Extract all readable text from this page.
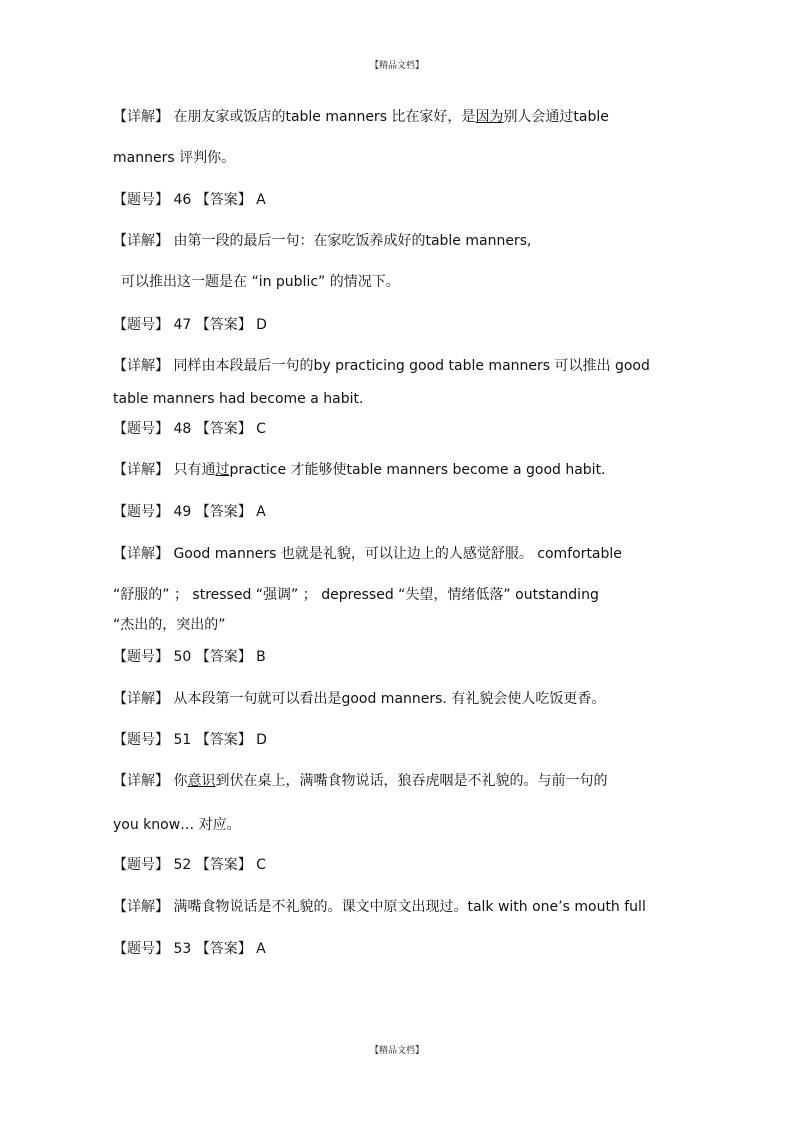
【精品文档】
【详解】 在朋友家或饭店的table manners 比在家好，是因为别人会通过table
manners 评判你。
【题号】 46 【答案】 A
【详解】 由第一段的最后一句：在家吃饭养成好的table manners,
可以推出这一题是在 “in public” 的情况下。
【题号】 47 【答案】 D
【详解】 同样由本段最后一句的by practicing good table manners 可以推出 good
table manners had become a habit.
【题号】 48 【答案】 C
【详解】 只有通过practice 才能够使table manners become a good habit.
【题号】 49 【答案】 A
【详解】 Good manners 也就是礼貌，可以让边上的人感觉舒服。 comfortable
“舒服的” ； stressed “强调” ； depressed “失望，情绪低落” outstanding
“杰出的，突出的”
【题号】 50 【答案】 B
【详解】 从本段第一句就可以看出是good manners. 有礼貌会使人吃饭更香。
【题号】 51 【答案】 D
【详解】 你意识到伏在桌上，满嘴食物说话，狼吞虎咽是不礼貌的。与前一句的
you know… 对应。
【题号】 52 【答案】 C
【详解】 满嘴食物说话是不礼貌的。课文中原文出现过。talk with one’s mouth full
【题号】 53 【答案】 A
【精品文档】
